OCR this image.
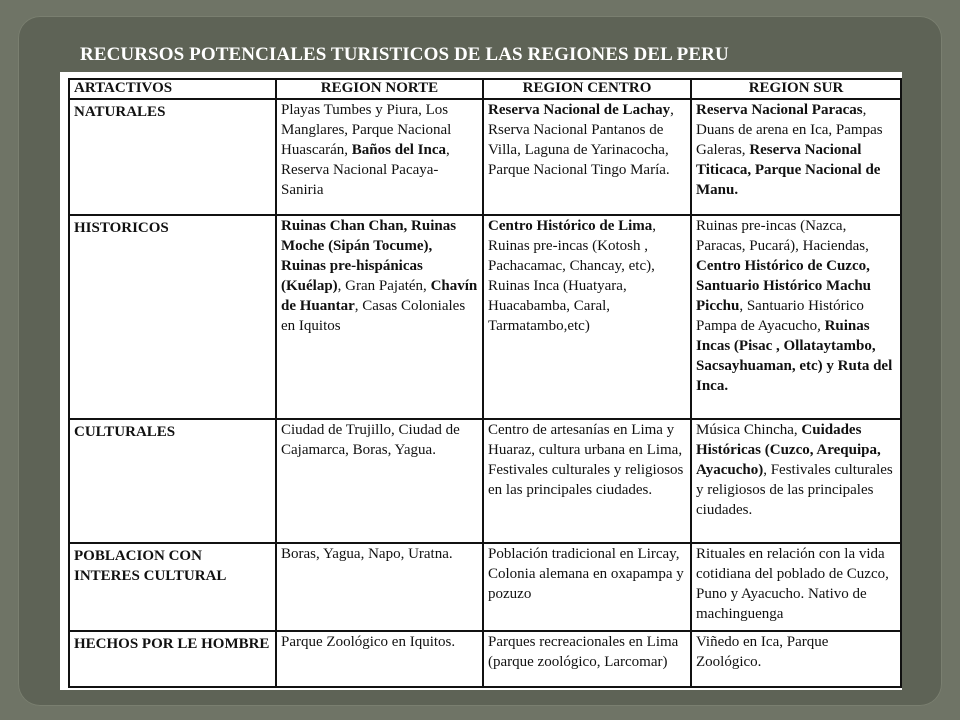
RECURSOS POTENCIALES TURISTICOS DE LAS REGIONES DEL PERU
ARTACTIVOS	REGION NORTE	REGION CENTRO	REGION SUR
NATURALES	Playas Tumbes y Piura, Los Manglares, Parque Nacional Huascarán, Baños del Inca, Reserva Nacional Pacaya-Saniria	Reserva Nacional de Lachay, Rserva Nacional Pantanos de Villa, Laguna de Yarinacocha, Parque Nacional Tingo María.	Reserva Nacional Paracas, Duans de arena en Ica, Pampas Galeras, Reserva Nacional Titicaca, Parque Nacional de Manu.
HISTORICOS	Ruinas Chan Chan, Ruinas Moche (Sipán Tocume), Ruinas pre-hispánicas (Kuélap), Gran Pajatén, Chavín de Huantar, Casas Coloniales en Iquitos	Centro Histórico de Lima, Ruinas pre-incas (Kotosh , Pachacamac, Chancay, etc), Ruinas Inca (Huatyara, Huacabamba, Caral, Tarmatambo,etc)	Ruinas pre-incas (Nazca, Paracas, Pucará), Haciendas, Centro Histórico de Cuzco, Santuario Histórico Machu Picchu, Santuario Histórico Pampa de Ayacucho, Ruinas Incas (Pisac , Ollataytambo, Sacsayhuaman, etc) y Ruta del Inca.
CULTURALES	Ciudad de Trujillo, Ciudad de Cajamarca, Boras, Yagua.	Centro de artesanías en Lima y Huaraz, cultura urbana en Lima, Festivales culturales y religiosos en las principales ciudades.	Música Chincha, Cuidades Históricas (Cuzco, Arequipa, Ayacucho), Festivales culturales y religiosos de las principales ciudades.
POBLACION CON INTERES CULTURAL	Boras, Yagua, Napo, Uratna.	Población tradicional en Lircay, Colonia alemana en oxapampa y pozuzo	Rituales en relación con la vida cotidiana del poblado de Cuzco, Puno y Ayacucho. Nativo de machinguenga
HECHOS POR LE HOMBRE	Parque Zoológico en Iquitos.	Parques recreacionales en Lima (parque zoológico, Larcomar)	Viñedo en Ica, Parque Zoológico.
